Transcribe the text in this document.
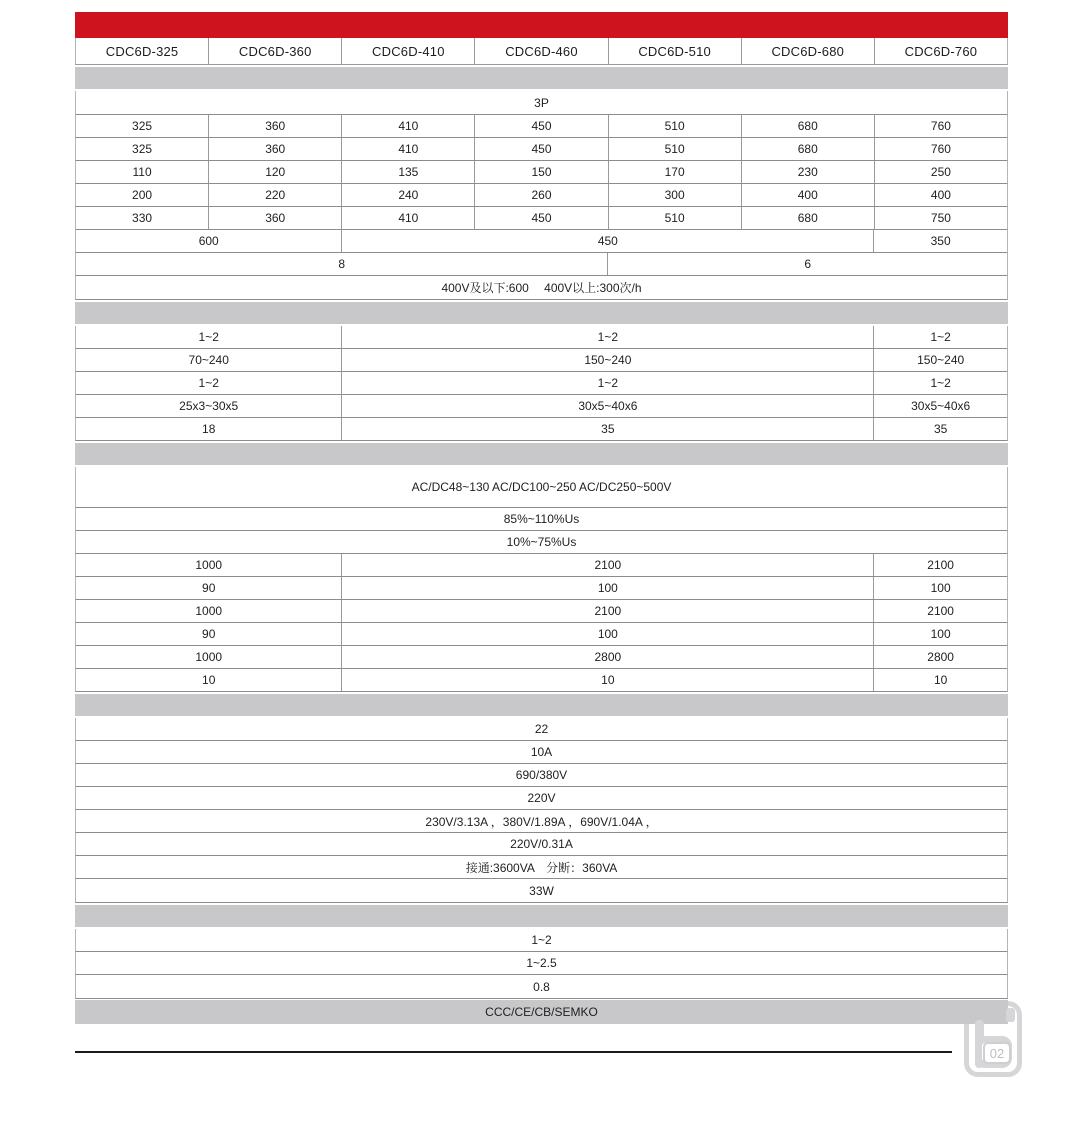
CDC6D-325	CDC6D-360	CDC6D-410	CDC6D-460	CDC6D-510	CDC6D-680	CDC6D-760
3P
325	360	410	450	510	680	760
325	360	410	450	510	680	760
110	120	135	150	170	230	250
200	220	240	260	300	400	400
330	360	410	450	510	680	750
600	450	350
8	6
400V及以下:600　 400V以上:300次/h
1~2	1~2	1~2
70~240	150~240	150~240
1~2	1~2	1~2
25x3~30x5	30x5~40x6	30x5~40x6
18	35	35
AC/DC48~130 AC/DC100~250 AC/DC250~500V
85%~110%Us
10%~75%Us
1000	2100	2100
90	100	100
1000	2100	2100
90	100	100
1000	2800	2800
10	10	10
22
10A
690/380V
220V
230V/3.13A ，380V/1.89A ，690V/1.04A ，
220V/0.31A
接通:3600VA　分断：360VA
33W
1~2
1~2.5
0.8
CCC/CE/CB/SEMKO
02
